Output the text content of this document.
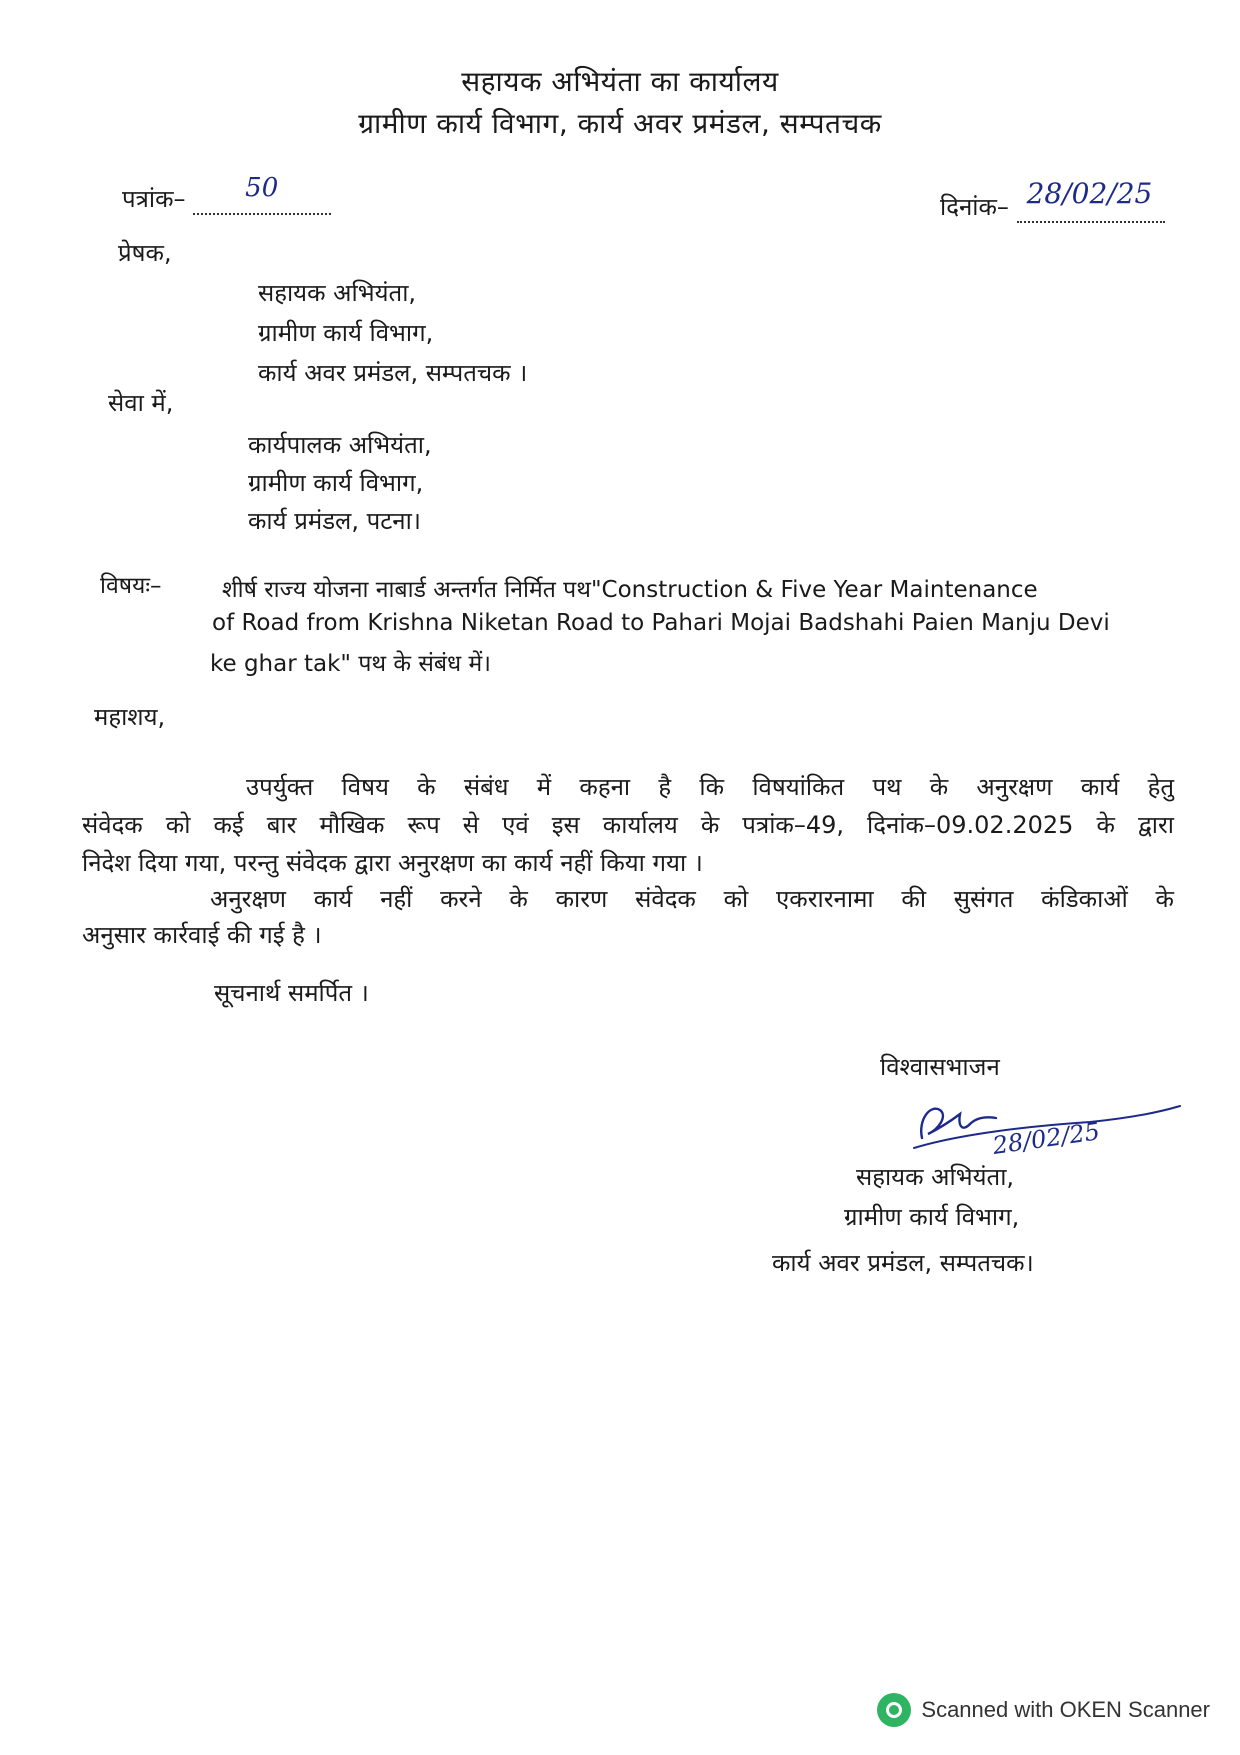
सहायक अभियंता का कार्यालय
ग्रामीण कार्य विभाग, कार्य अवर प्रमंडल, सम्पतचक
पत्रांक– 50
दिनांक– 28/02/25
प्रेषक,
सहायक अभियंता,
ग्रामीण कार्य विभाग,
कार्य अवर प्रमंडल, सम्पतचक ।
सेवा में,
कार्यपालक अभियंता,
ग्रामीण कार्य विभाग,
कार्य प्रमंडल, पटना।
विषयः–	शीर्ष राज्य योजना नाबार्ड अन्तर्गत निर्मित पथ"Construction & Five Year Maintenance
of Road from Krishna Niketan Road to Pahari Mojai Badshahi Paien Manju Devi
ke ghar tak" पथ के संबंध में।
महाशय,
उपर्युक्त विषय के संबंध में कहना है कि विषयांकित पथ के अनुरक्षण कार्य हेतु
संवेदक को कई बार मौखिक रूप से एवं इस कार्यालय के पत्रांक–49, दिनांक–09.02.2025 के द्वारा
निदेश दिया गया, परन्तु संवेदक द्वारा अनुरक्षण का कार्य नहीं किया गया ।
अनुरक्षण कार्य नहीं करने के कारण संवेदक को एकरारनामा की सुसंगत कंडिकाओं के
अनुसार कार्रवाई की गई है ।
सूचनार्थ समर्पित ।
विश्वासभाजन
28/02/25
सहायक अभियंता,
ग्रामीण कार्य विभाग,
कार्य अवर प्रमंडल, सम्पतचक।
Scanned with OKEN Scanner
